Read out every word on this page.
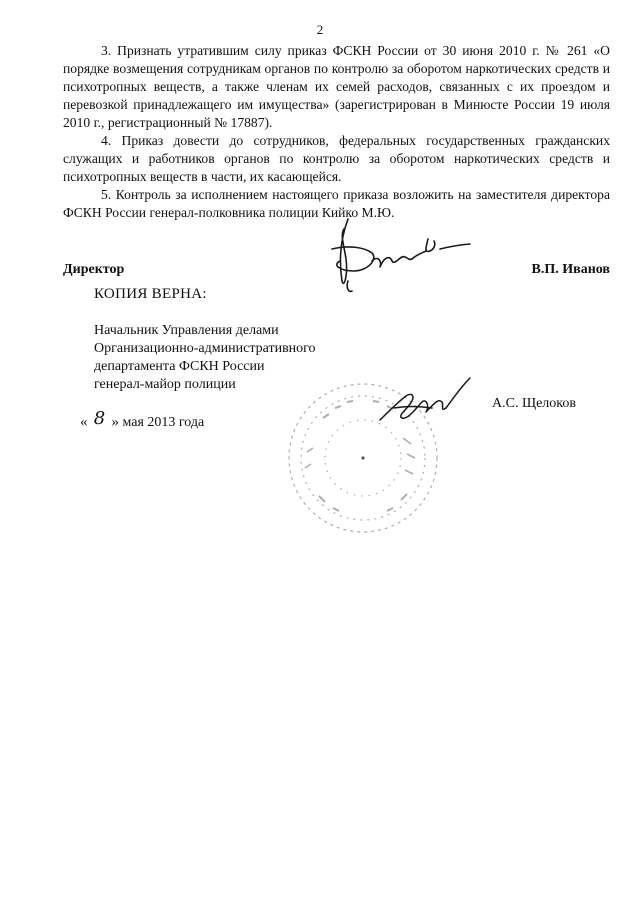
2

3. Признать утратившим силу приказ ФСКН России от 30 июня 2010 г. № 261 «О порядке возмещения сотрудникам органов по контролю за оборотом наркотических средств и психотропных веществ, а также членам их семей расходов, связанных с их проездом и перевозкой принадлежащего им имущества» (зарегистрирован в Минюсте России 19 июля 2010 г., регистрационный № 17887).

4. Приказ довести до сотрудников, федеральных государственных гражданских служащих и работников органов по контролю за оборотом наркотических средств и психотропных веществ в части, их касающейся.

5. Контроль за исполнением настоящего приказа возложить на заместителя директора ФСКН России генерал-полковника полиции Кийко М.Ю.

Директор	В.П. Иванов
КОПИЯ ВЕРНА:
Начальник Управления делами
Организационно-административного
департамента ФСКН России
генерал-майор полиции
« 8 » мая 2013 года
А.С. Щелоков
